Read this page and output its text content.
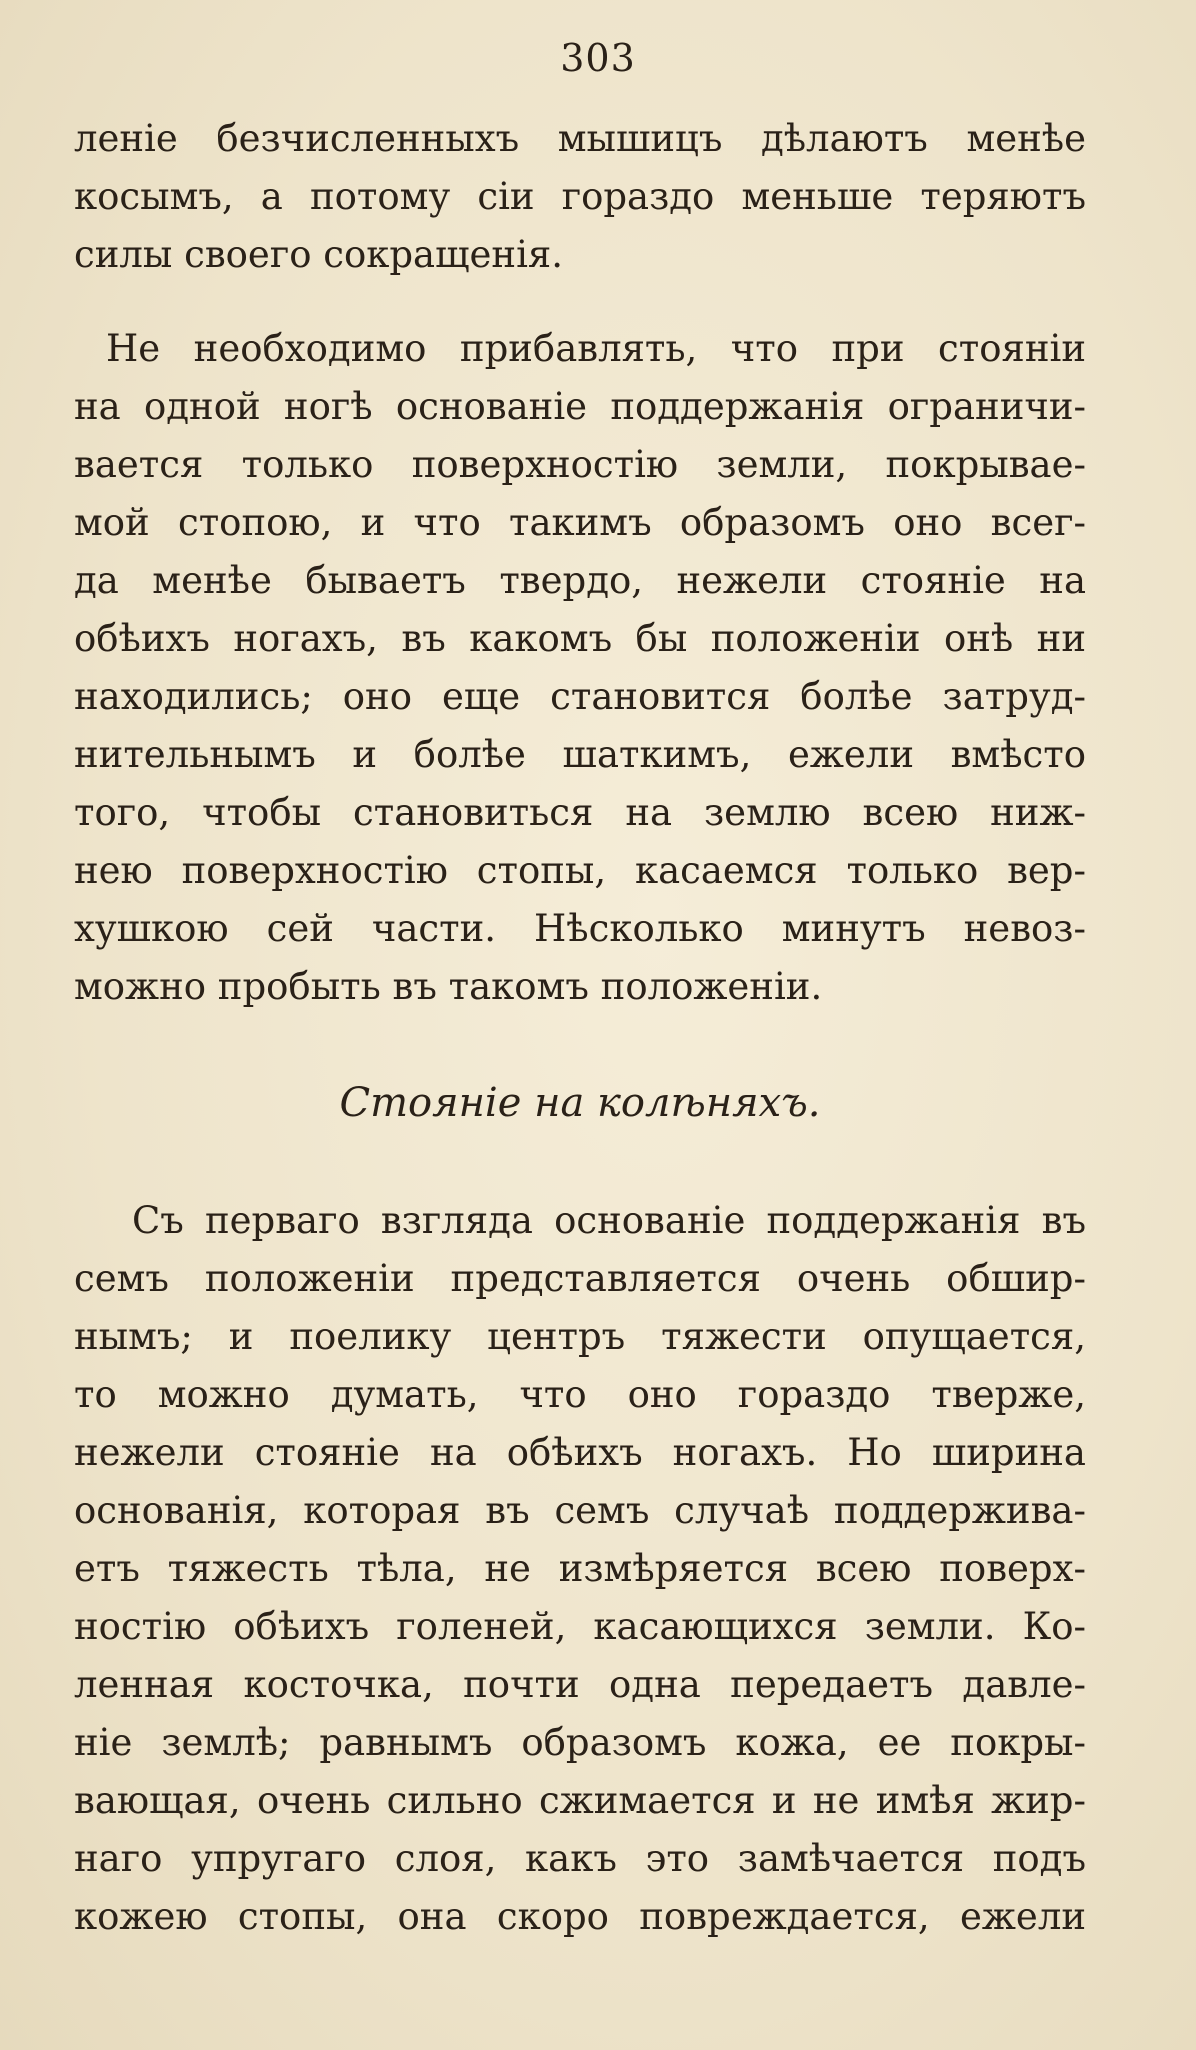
303
леніе безчисленныхъ мышицъ дѣлаютъ менѣе
косымъ, а потому сіи гораздо меньше теряютъ
силы своего сокращенія.
Не необходимо прибавлять, что при стояніи
на одной ногѣ основаніе поддержанія ограничи-
вается только поверхностію земли, покрывае-
мой стопою, и что такимъ образомъ оно всег-
да менѣе бываетъ твердо, нежели стояніе на
обѣихъ ногахъ, въ какомъ бы положеніи онѣ ни
находились; оно еще становится болѣе затруд-
нительнымъ и болѣе шаткимъ, ежели вмѣсто
того, чтобы становиться на землю всею ниж-
нею поверхностію стопы, касаемся только вер-
хушкою сей части. Нѣсколько минутъ невоз-
можно пробыть въ такомъ положеніи.
Стояніе на колѣняхъ.
Съ перваго взгляда основаніе поддержанія въ
семъ положеніи представляется очень обшир-
нымъ; и поелику центръ тяжести опущается,
то можно думать, что оно гораздо тверже,
нежели стояніе на обѣихъ ногахъ. Но ширина
основанія, которая въ семъ случаѣ поддержива-
етъ тяжесть тѣла, не измѣряется всею поверх-
ностію обѣихъ голеней, касающихся земли. Ко-
ленная косточка, почти одна передаетъ давле-
ніе землѣ; равнымъ образомъ кожа, ее покры-
вающая, очень сильно сжимается и не имѣя жир-
наго упругаго слоя, какъ это замѣчается подъ
кожею стопы, она скоро повреждается, ежели
